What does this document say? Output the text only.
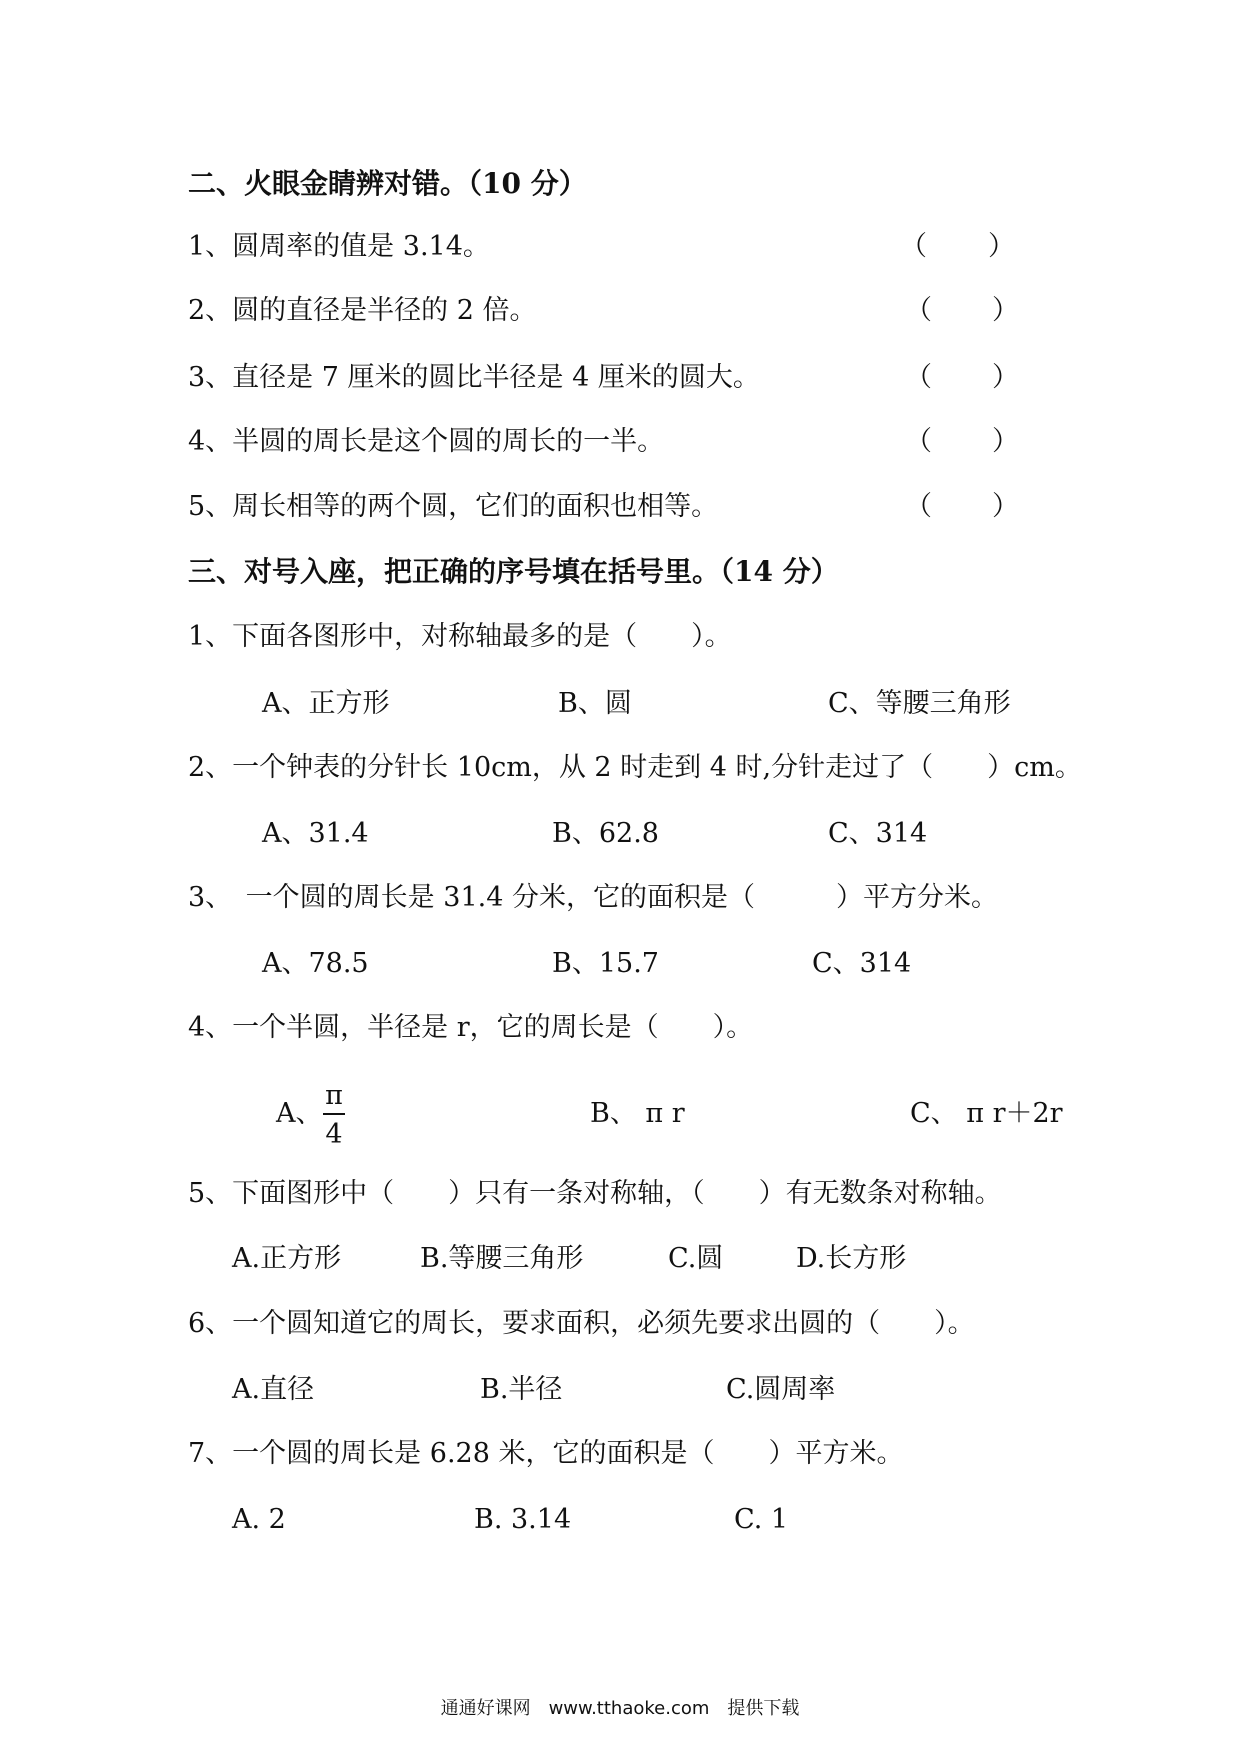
二、火眼金睛辨对错。（10 分）
1、圆周率的值是 3.14。	（ ）
2、圆的直径是半径的 2 倍。	（ ）
3、直径是 7 厘米的圆比半径是 4 厘米的圆大。	（ ）
4、半圆的周长是这个圆的周长的一半。	（ ）
5、周长相等的两个圆，它们的面积也相等。	（ ）
三、对号入座，把正确的序号填在括号里。（14 分）
1、下面各图形中，对称轴最多的是（　　）。
A、正方形	B、圆	C、等腰三角形
2、一个钟表的分针长 10cm，从 2 时走到 4 时,分针走过了（　　）cm。
A、31.4	B、62.8	C、314
3、　一个圆的周长是 31.4 分米，它的面积是（　　　）平方分米。
A、78.5	B、15.7	C、314
4、一个半圆，半径是 r，它的周长是（　　）。
A、
π
4
B、 π r	C、 π r＋2r
5、下面图形中（　　）只有一条对称轴，（　　）有无数条对称轴。
A.正方形	B.等腰三角形	C.圆	D.长方形
6、一个圆知道它的周长，要求面积，必须先要求出圆的（　　）。
A.直径	B.半径	C.圆周率
7、一个圆的周长是 6.28 米，它的面积是（　　）平方米。
A. 2	B. 3.14	C. 1
通通好课网　www.tthaoke.com　提供下载
